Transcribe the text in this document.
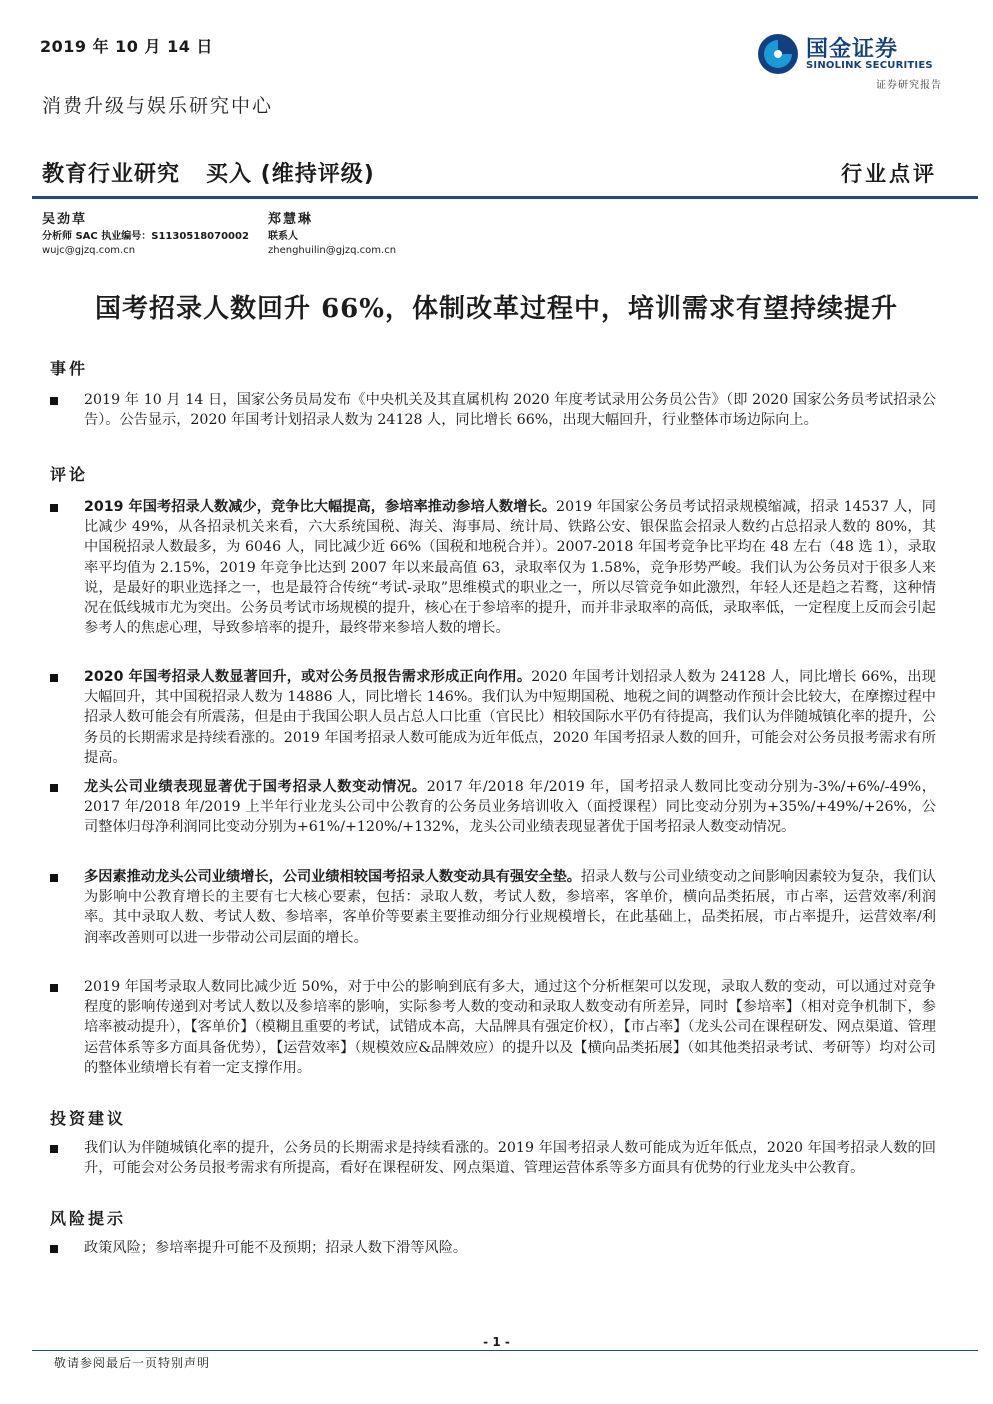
2019 年 10 月 14 日	国金证券
SINOLINK SECURITIES
证券研究报告
消费升级与娱乐研究中心
教育行业研究 买入 (维持评级)	行业点评
吴劲草
分析师 SAC 执业编号：S1130518070002
wujc@gjzq.com.cn
郑慧琳
联系人
zhenghuilin@gjzq.com.cn
国考招录人数回升 66%，体制改革过程中，培训需求有望持续提升
事件
2019 年 10 月 14 日，国家公务员局发布《中央机关及其直属机构 2020 年度考试录用公务员公告》（即 2020 国家公务员考试招录公告）。公告显示，2020 年国考计划招录人数为 24128 人，同比增长 66%，出现大幅回升，行业整体市场边际向上。
评论
2019 年国考招录人数减少，竞争比大幅提高，参培率推动参培人数增长。2019 年国家公务员考试招录规模缩减，招录 14537 人，同比减少 49%，从各招录机关来看，六大系统国税、海关、海事局、统计局、铁路公安、银保监会招录人数约占总招录人数的 80%，其中国税招录人数最多，为 6046 人，同比减少近 66%（国税和地税合并）。2007-2018 年国考竞争比平均在 48 左右（48 选 1），录取率平均值为 2.15%，2019 年竞争比达到 2007 年以来最高值 63，录取率仅为 1.58%，竞争形势严峻。我们认为公务员对于很多人来说，是最好的职业选择之一，也是最符合传统“考试-录取”思维模式的职业之一，所以尽管竞争如此激烈，年轻人还是趋之若鹜，这种情况在低线城市尤为突出。公务员考试市场规模的提升，核心在于参培率的提升，而并非录取率的高低，录取率低，一定程度上反而会引起参考人的焦虑心理，导致参培率的提升，最终带来参培人数的增长。
2020 年国考招录人数显著回升，或对公务员报告需求形成正向作用。2020 年国考计划招录人数为 24128 人，同比增长 66%，出现大幅回升，其中国税招录人数为 14886 人，同比增长 146%。我们认为中短期国税、地税之间的调整动作预计会比较大，在摩擦过程中招录人数可能会有所震荡，但是由于我国公职人员占总人口比重（官民比）相较国际水平仍有待提高，我们认为伴随城镇化率的提升，公务员的长期需求是持续看涨的。2019 年国考招录人数可能成为近年低点，2020 年国考招录人数的回升，可能会对公务员报考需求有所提高。
龙头公司业绩表现显著优于国考招录人数变动情况。2017 年/2018 年/2019 年，国考招录人数同比变动分别为-3%/+6%/-49%，2017 年/2018 年/2019 上半年行业龙头公司中公教育的公务员业务培训收入（面授课程）同比变动分别为+35%/+49%/+26%，公司整体归母净利润同比变动分别为+61%/+120%/+132%，龙头公司业绩表现显著优于国考招录人数变动情况。
多因素推动龙头公司业绩增长，公司业绩相较国考招录人数变动具有强安全垫。招录人数与公司业绩变动之间影响因素较为复杂，我们认为影响中公教育增长的主要有七大核心要素，包括：录取人数，考试人数，参培率，客单价，横向品类拓展，市占率，运营效率/利润率。其中录取人数、考试人数、参培率，客单价等要素主要推动细分行业规模增长，在此基础上，品类拓展，市占率提升，运营效率/利润率改善则可以进一步带动公司层面的增长。
2019 年国考录取人数同比减少近 50%，对于中公的影响到底有多大，通过这个分析框架可以发现，录取人数的变动，可以通过对竞争程度的影响传递到对考试人数以及参培率的影响，实际参考人数的变动和录取人数变动有所差异，同时【参培率】（相对竞争机制下，参培率被动提升），【客单价】（模糊且重要的考试，试错成本高，大品牌具有强定价权），【市占率】（龙头公司在课程研发、网点渠道、管理运营体系等多方面具备优势），【运营效率】（规模效应&品牌效应）的提升以及【横向品类拓展】（如其他类招录考试、考研等）均对公司的整体业绩增长有着一定支撑作用。
投资建议
我们认为伴随城镇化率的提升，公务员的长期需求是持续看涨的。2019 年国考招录人数可能成为近年低点，2020 年国考招录人数的回升，可能会对公务员报考需求有所提高，看好在课程研发、网点渠道、管理运营体系等多方面具有优势的行业龙头中公教育。
风险提示
政策风险；参培率提升可能不及预期；招录人数下滑等风险。
- 1 -
敬请参阅最后一页特别声明
